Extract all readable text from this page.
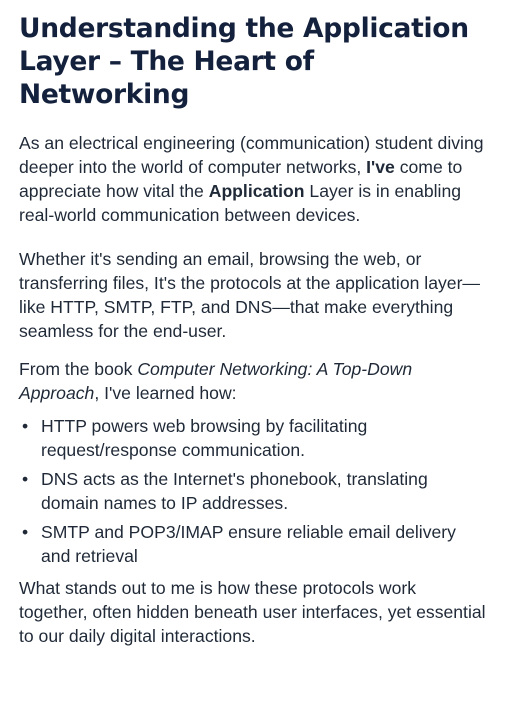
Understanding the Application Layer – The Heart of Networking

As an electrical engineering (communication) student diving deeper into the world of computer networks, I've come to appreciate how vital the Application Layer is in enabling real-world communication between devices.

Whether it's sending an email, browsing the web, or transferring files, It's the protocols at the application layer—like HTTP, SMTP, FTP, and DNS—that make everything seamless for the end-user.

From the book Computer Networking: A Top-Down Approach, I've learned how:

• HTTP powers web browsing by facilitating request/response communication.
• DNS acts as the Internet's phonebook, translating domain names to IP addresses.
• SMTP and POP3/IMAP ensure reliable email delivery and retrieval

What stands out to me is how these protocols work together, often hidden beneath user interfaces, yet essential to our daily digital interactions.
